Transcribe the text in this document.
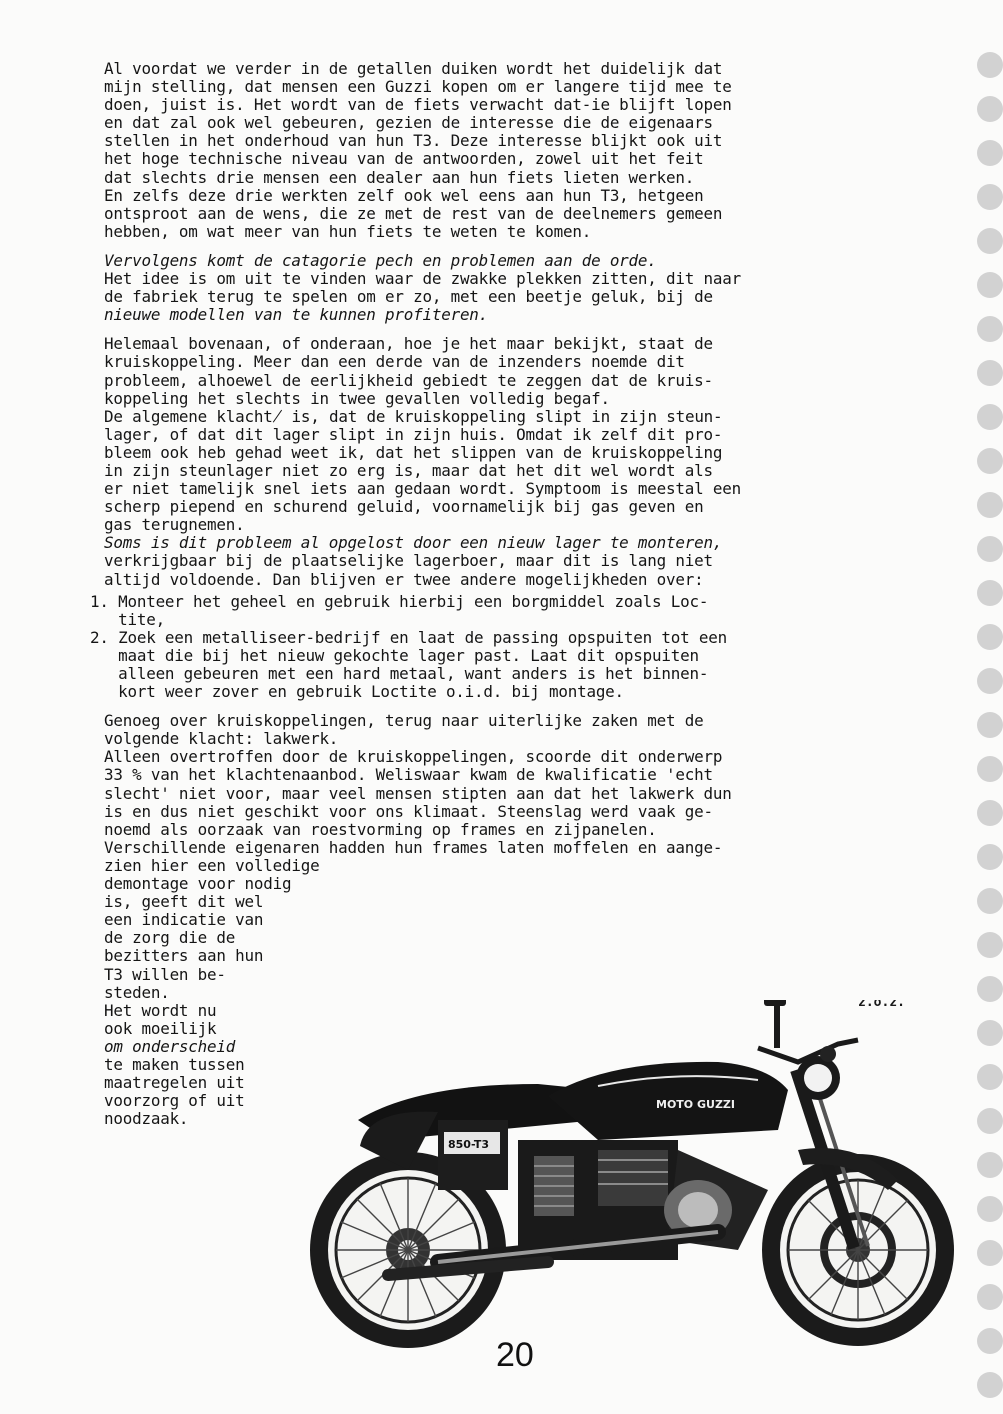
Al voordat we verder in de getallen duiken wordt het duidelijk dat
mijn stelling, dat mensen een Guzzi kopen om er langere tijd mee te
doen, juist is. Het wordt van de fiets verwacht dat-ie blijft lopen
en dat zal ook wel gebeuren, gezien de interesse die de eigenaars
stellen in het onderhoud van hun T3. Deze interesse blijkt ook uit
het hoge technische niveau van de antwoorden, zowel uit het feit
dat slechts drie mensen een dealer aan hun fiets lieten werken.
En zelfs deze drie werkten zelf ook wel eens aan hun T3, hetgeen
ontsproot aan de wens, die ze met de rest van de deelnemers gemeen
hebben, om wat meer van hun fiets te weten te komen.

Vervolgens komt de catagorie pech en problemen aan de orde.
Het idee is om uit te vinden waar de zwakke plekken zitten, dit naar
de fabriek terug te spelen om er zo, met een beetje geluk, bij de
nieuwe modellen van te kunnen profiteren.

Helemaal bovenaan, of onderaan, hoe je het maar bekijkt, staat de
kruiskoppeling. Meer dan een derde van de inzenders noemde dit
probleem, alhoewel de eerlijkheid gebiedt te zeggen dat de kruis-
koppeling het slechts in twee gevallen volledig begaf.
De algemene klacht̸ is, dat de kruiskoppeling slipt in zijn steun-
lager, of dat dit lager slipt in zijn huis. Omdat ik zelf dit pro-
bleem ook heb gehad weet ik, dat het slippen van de kruiskoppeling
in zijn steunlager niet zo erg is, maar dat het dit wel wordt als
er niet tamelijk snel iets aan gedaan wordt. Symptoom is meestal een
scherp piepend en schurend geluid, voornamelijk bij gas geven en
gas terugnemen.
Soms is dit probleem al opgelost door een nieuw lager te monteren,
verkrijgbaar bij de plaatselijke lagerboer, maar dit is lang niet
altijd voldoende. Dan blijven er twee andere mogelijkheden over:

1. Monteer het geheel en gebruik hierbij een borgmiddel zoals Loc-
tite,
2. Zoek een metalliseer-bedrijf en laat de passing opspuiten tot een
maat die bij het nieuw gekochte lager past. Laat dit opspuiten
alleen gebeuren met een hard metaal, want anders is het binnen-
kort weer zover en gebruik Loctite o.i.d. bij montage.

Genoeg over kruiskoppelingen, terug naar uiterlijke zaken met de
volgende klacht: lakwerk.
Alleen overtroffen door de kruiskoppelingen, scoorde dit onderwerp
33 % van het klachtenaanbod. Weliswaar kwam de kwalificatie 'echt
slecht' niet voor, maar veel mensen stipten aan dat het lakwerk dun
is en dus niet geschikt voor ons klimaat. Steenslag werd vaak ge-
noemd als oorzaak van roestvorming op frames en zijpanelen.
Verschillende eigenaren hadden hun frames laten moffelen en aange-
zien hier een volledige

demontage voor nodig
is, geeft dit wel
een indicatie van
de zorg die de
bezitters aan hun
T3 willen be-
steden.
Het wordt nu
ook moeilijk
om onderscheid
te maken tussen
maatregelen uit
voorzorg of uit
noodzaak.

850-T3
MOTO GUZZI
z.o.z.
20
